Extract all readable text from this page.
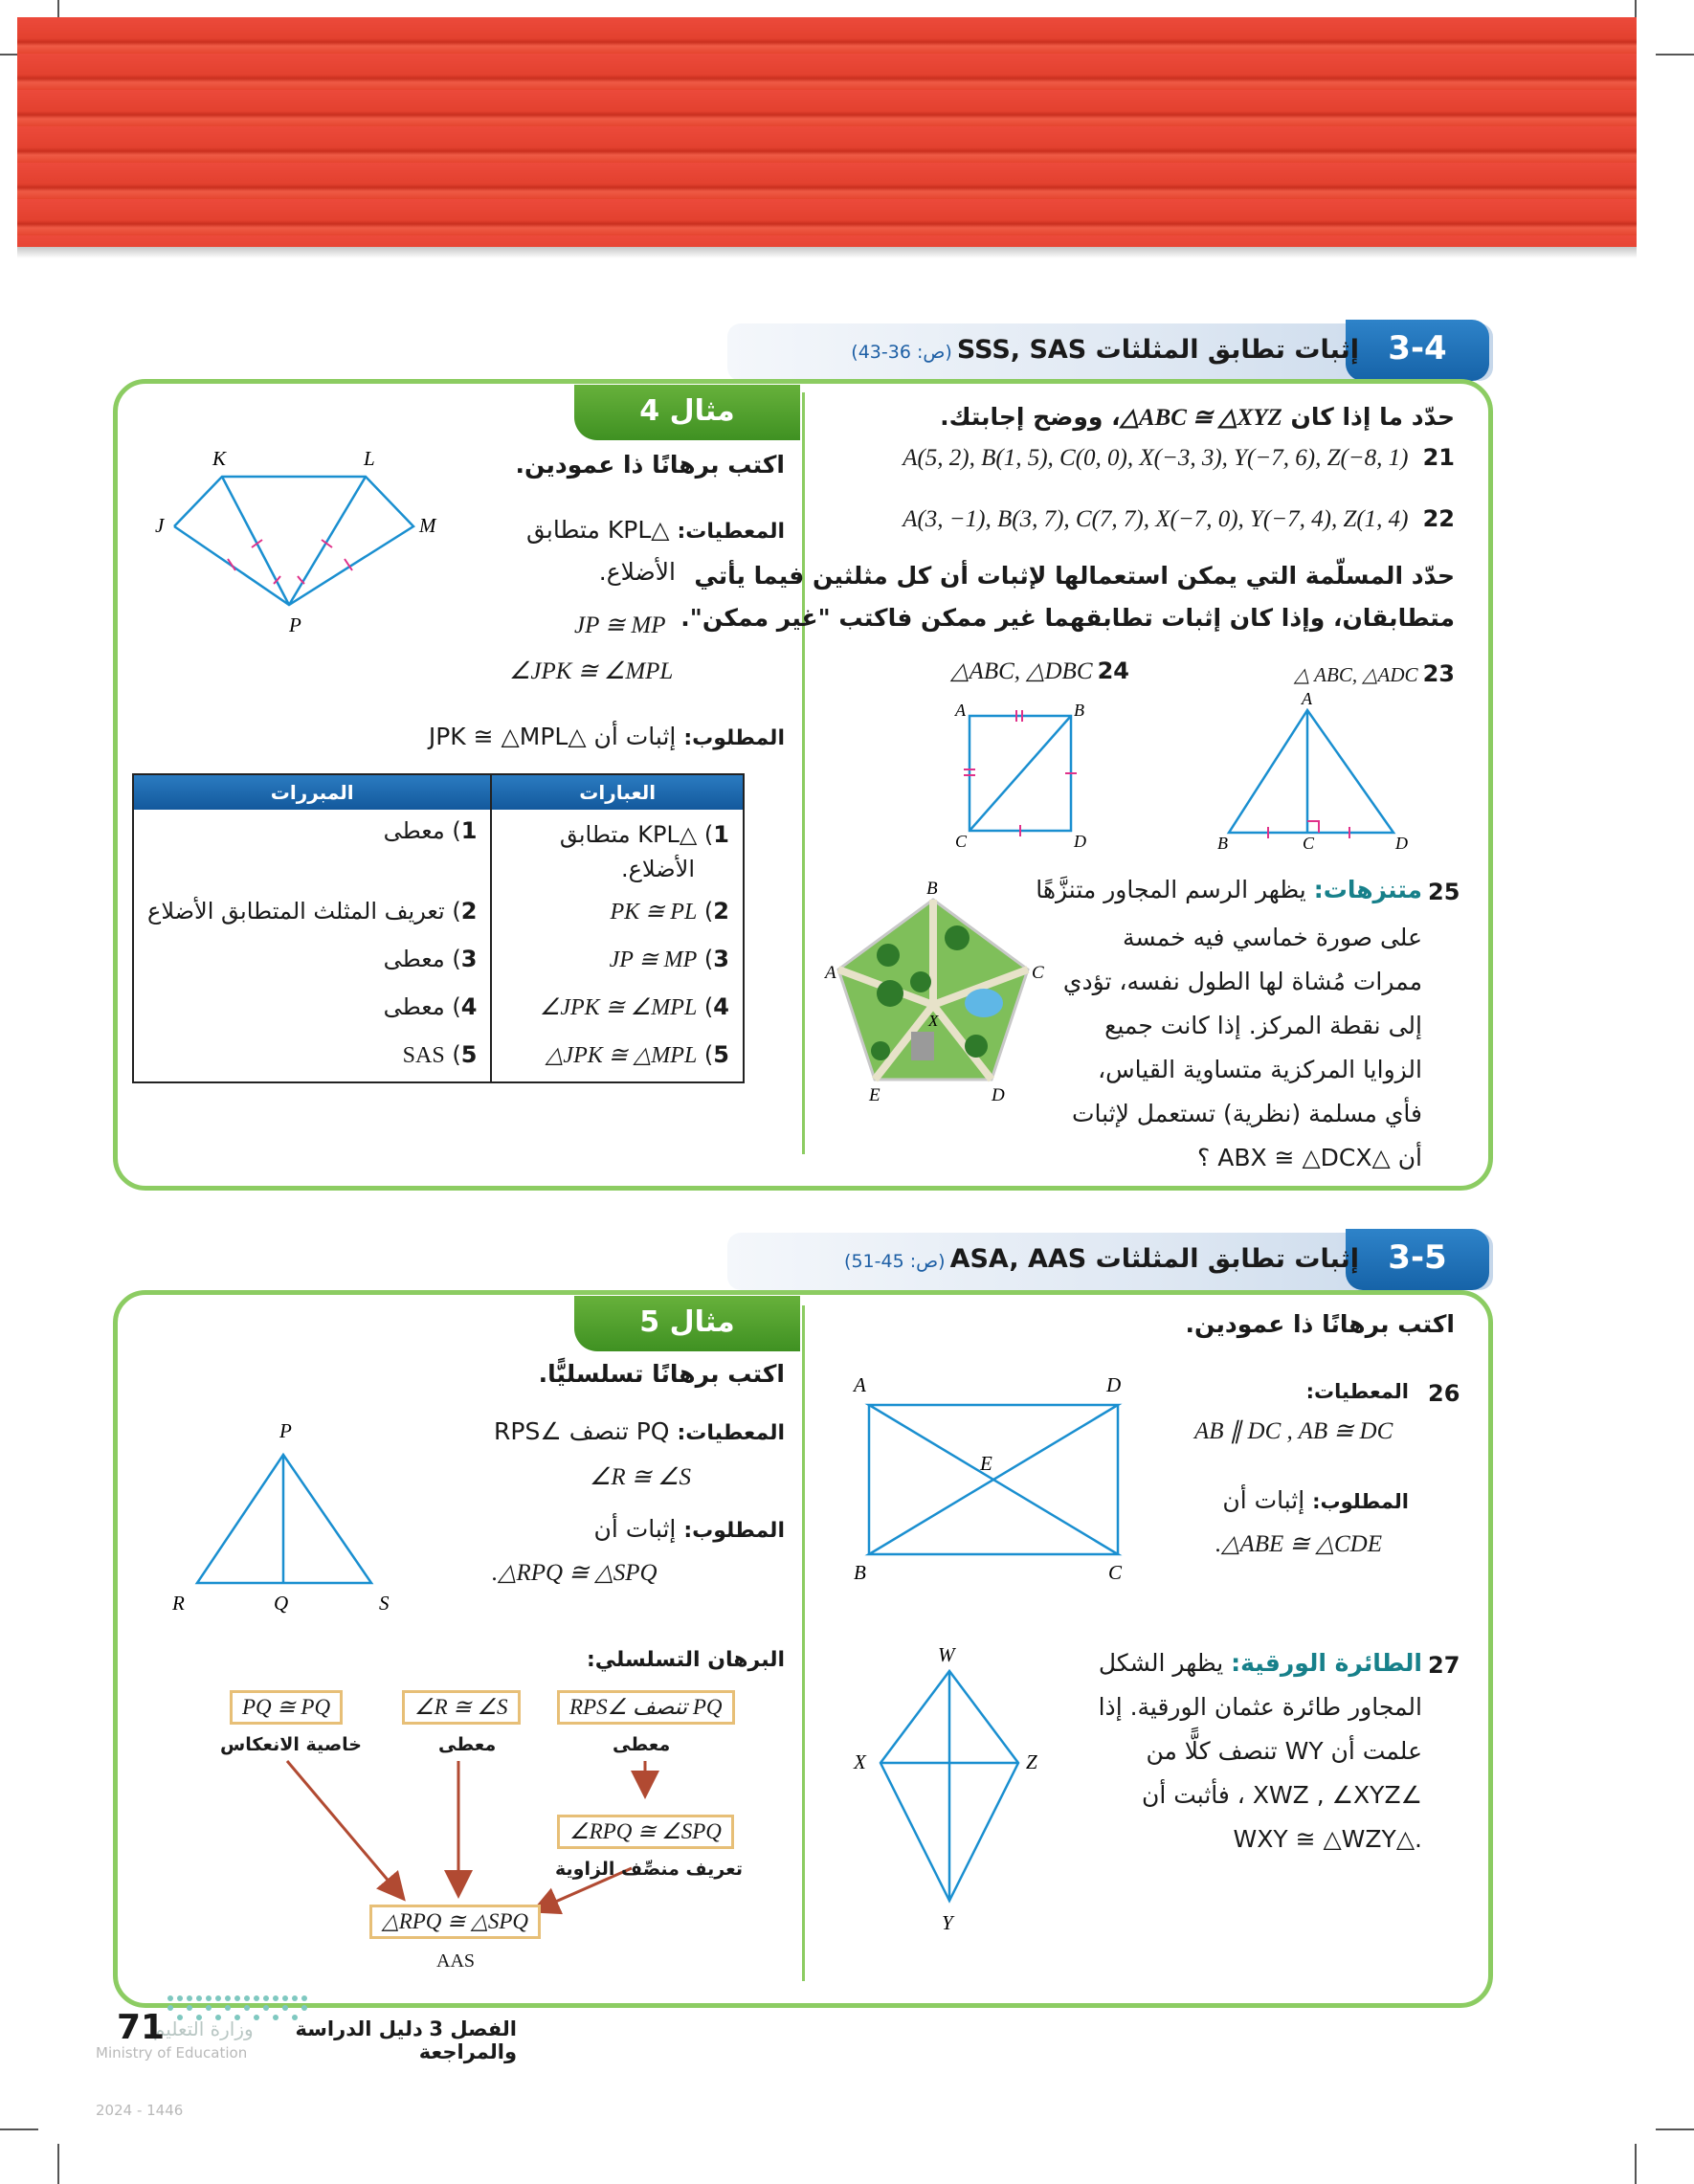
3-4
إثبات تطابق المثلثات SSS, SAS (ص: 36-43)
حدّد ما إذا كان △ABC ≅ △XYZ، ووضح إجابتك.
A(5, 2), B(1, 5), C(0, 0), X(−3, 3), Y(−7, 6), Z(−8, 1) 21
A(3, −1), B(3, 7), C(7, 7), X(−7, 0), Y(−7, 4), Z(1, 4) 22
حدّد المسلّمة التي يمكن استعمالها لإثبات أن كل مثلثين فيما يأتي
متطابقان، وإذا كان إثبات تطابقهما غير ممكن فاكتب "غير ممكن".
△ ABC, △ADC 23
△ABC, △DBC 24
A	B
C	D
A
B	C	D
A
B
C
D
E
X
25
متنزهات: يظهر الرسم المجاور متنزَّهًا
على صورة خماسي فيه خمسة
ممرات مُشاة لها الطول نفسه، تؤدي
إلى نقطة المركز. إذا كانت جميع
الزوايا المركزية متساوية القياس،
فأي مسلمة (نظرية) تستعمل لإثبات
أن △ABX ≅ △DCX ؟
مثال 4
K	L
J	M
P
اكتب برهانًا ذا عمودين.
المعطيات: △KPL متطابق
الأضلاع.
JP ≅ MP
∠JPK ≅ ∠MPL
المطلوب: إثبات أن △JPK ≅ △MPL
المبررات	العبارات
1) معطى	1) △KPL متطابق
الأضلاع.
2) تعريف المثلث المتطابق الأضلاع	2) PK ≅ PL
3) معطى	3) JP ≅ MP
4) معطى	4) ∠JPK ≅ ∠MPL
5) SAS	5) △JPK ≅ △MPL
3-5
إثبات تطابق المثلثات ASA, AAS (ص: 45-51)
اكتب برهانًا ذا عمودين.
A	D
E
B	C
26
المعطيات:
AB ∥ DC , AB ≅ DC
المطلوب: إثبات أن
.△ABE ≅ △CDE
W
X	Z
Y
27
الطائرة الورقية: يظهر الشكل
المجاور طائرة عثمان الورقية. إذا
علمت أن WY تنصف كلًّا من
∠XWZ , ∠XYZ ، فأثبت أن
.△WXY ≅ △WZY
مثال 5
P
R	Q	S
اكتب برهانًا تسلسليًّا.
المعطيات: PQ تنصف ∠RPS
∠R ≅ ∠S
المطلوب: إثبات أن
.△RPQ ≅ △SPQ
البرهان التسلسلي:
PQ تنصف ∠RPS
معطى
∠R ≅ ∠S
معطى
PQ ≅ PQ
خاصية الانعكاس
∠RPQ ≅ ∠SPQ
تعريف منصِّف الزاوية
△RPQ ≅ △SPQ
AAS
وزارة التعليم
Ministry of Education
2024 - 1446
71	الفصل 3 دليل الدراسة والمراجعة
